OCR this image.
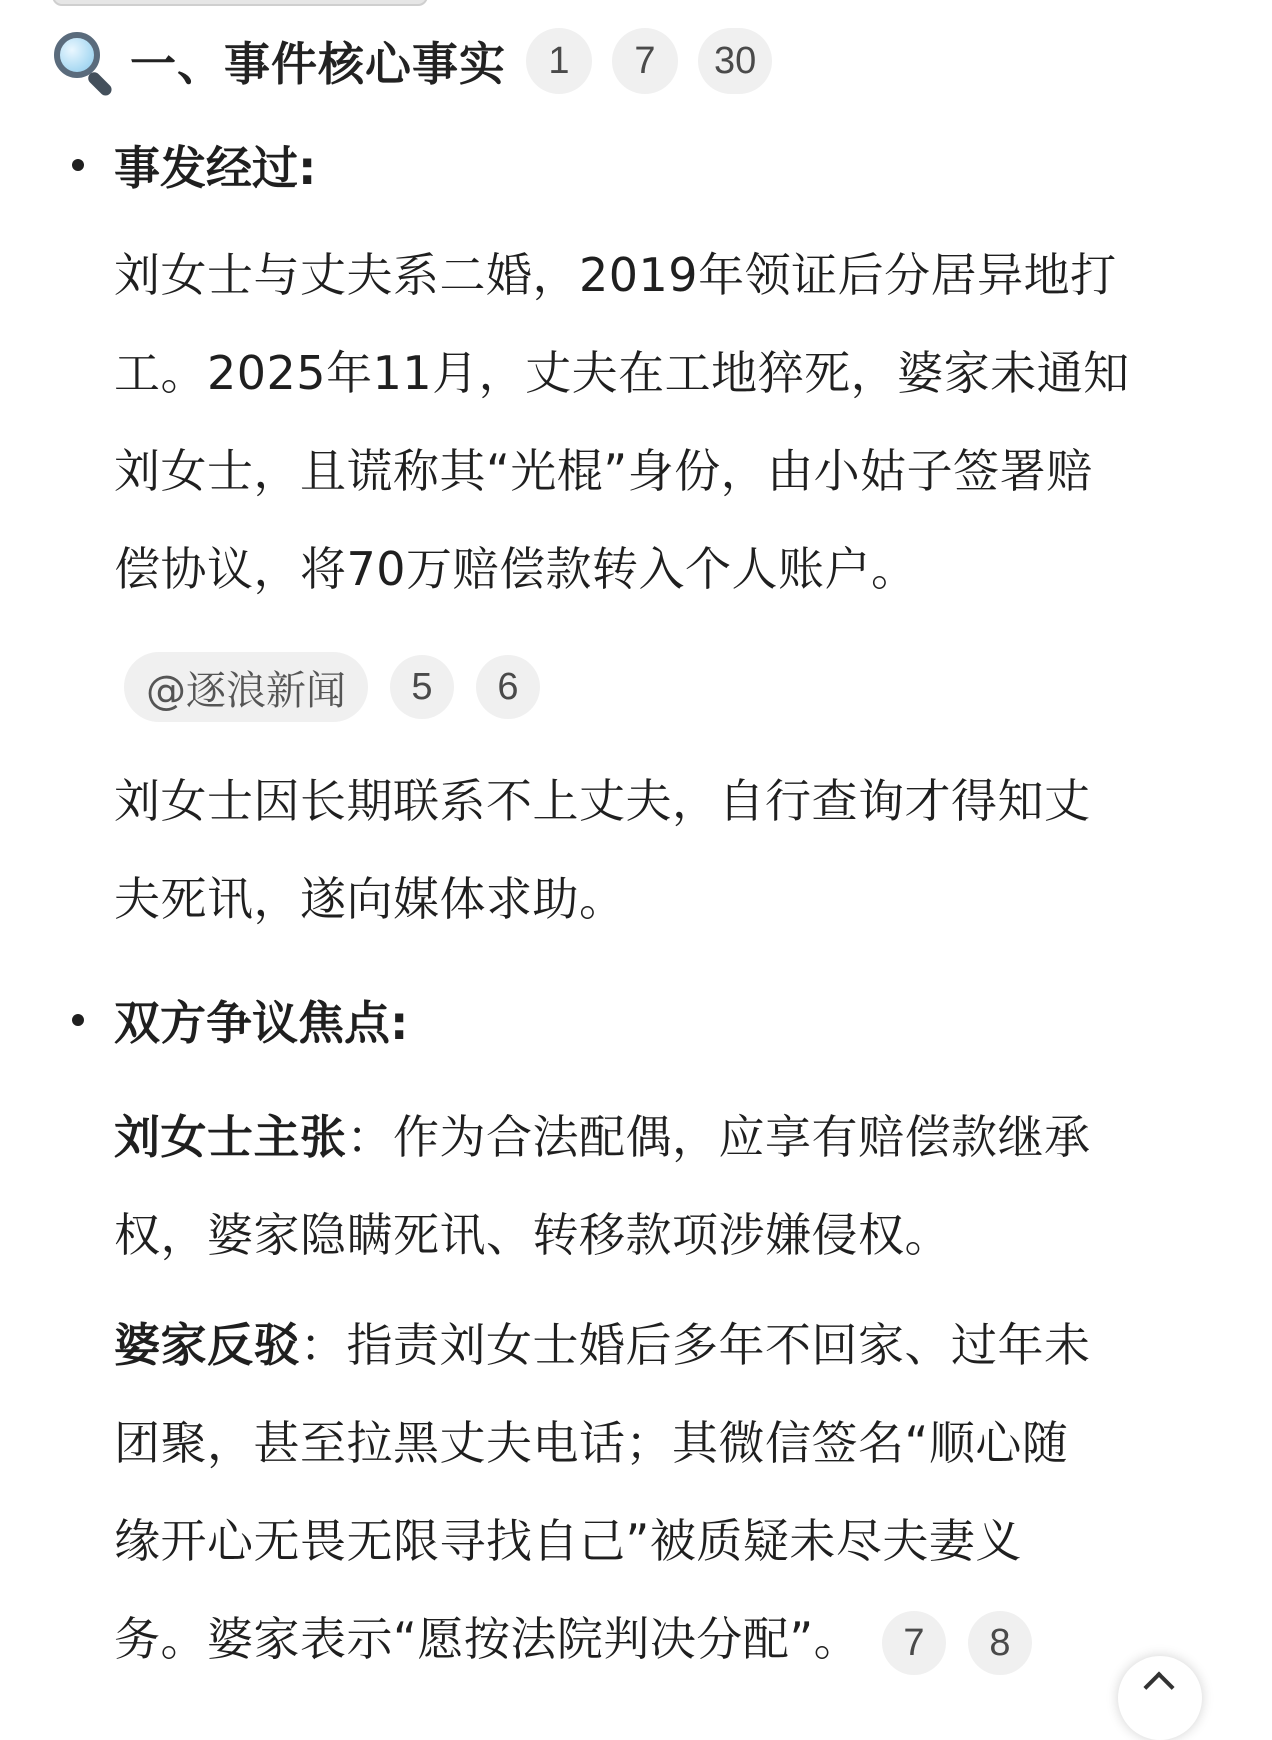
一、事件核心事实	1	7	30
事发经过:
刘女士与丈夫系二婚，2019年领证后分居异地打
工。2025年11月，丈夫在工地猝死，婆家未通知
刘女士，且谎称其“光棍”身份，由小姑子签署赔
偿协议，将70万赔偿款转入个人账户。
@逐浪新闻	5	6
刘女士因长期联系不上丈夫，自行查询才得知丈
夫死讯，遂向媒体求助。
双方争议焦点:
刘女士主张：作为合法配偶，应享有赔偿款继承
权，婆家隐瞒死讯、转移款项涉嫌侵权。
婆家反驳：指责刘女士婚后多年不回家、过年未
团聚，甚至拉黑丈夫电话；其微信签名“顺心随
缘开心无畏无限寻找自己”被质疑未尽夫妻义
务。婆家表示“愿按法院判决分配”。 7 8
